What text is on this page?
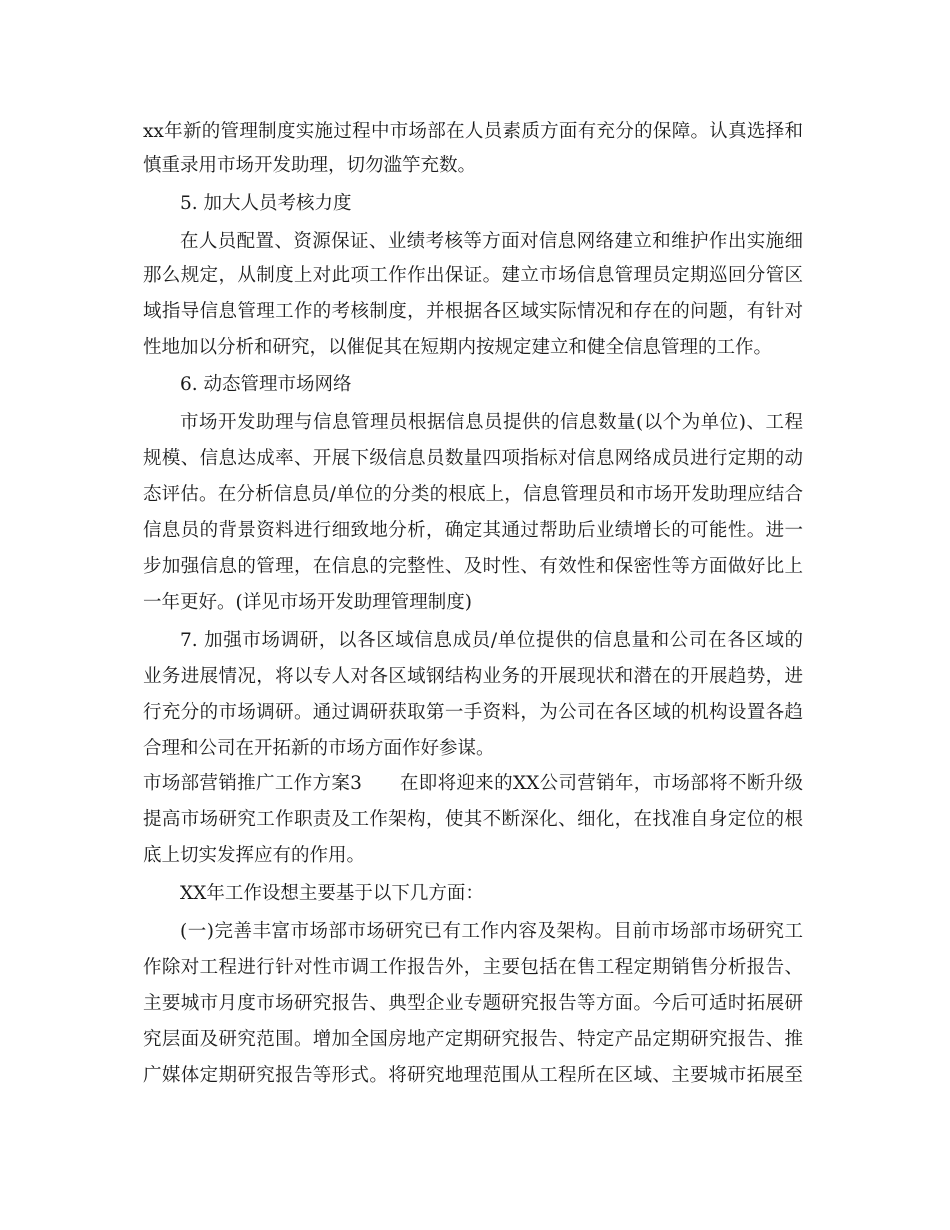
xx年新的管理制度实施过程中市场部在人员素质方面有充分的保障。认真选择和
慎重录用市场开发助理，切勿滥竽充数。
5. 加大人员考核力度
在人员配置、资源保证、业绩考核等方面对信息网络建立和维护作出实施细
那么规定，从制度上对此项工作作出保证。建立市场信息管理员定期巡回分管区
域指导信息管理工作的考核制度，并根据各区域实际情况和存在的问题，有针对
性地加以分析和研究，以催促其在短期内按规定建立和健全信息管理的工作。
6. 动态管理市场网络
市场开发助理与信息管理员根据信息员提供的信息数量(以个为单位)、工程
规模、信息达成率、开展下级信息员数量四项指标对信息网络成员进行定期的动
态评估。在分析信息员/单位的分类的根底上，信息管理员和市场开发助理应结合
信息员的背景资料进行细致地分析，确定其通过帮助后业绩增长的可能性。进一
步加强信息的管理，在信息的完整性、及时性、有效性和保密性等方面做好比上
一年更好。(详见市场开发助理管理制度)
7. 加强市场调研，以各区域信息成员/单位提供的信息量和公司在各区域的
业务进展情况，将以专人对各区域钢结构业务的开展现状和潜在的开展趋势，进
行充分的市场调研。通过调研获取第一手资料，为公司在各区域的机构设置各趋
合理和公司在开拓新的市场方面作好参谋。
市场部营销推广工作方案3　　在即将迎来的XX公司营销年，市场部将不断升级
提高市场研究工作职责及工作架构，使其不断深化、细化，在找准自身定位的根
底上切实发挥应有的作用。
XX年工作设想主要基于以下几方面：
(一)完善丰富市场部市场研究已有工作内容及架构。目前市场部市场研究工
作除对工程进行针对性市调工作报告外，主要包括在售工程定期销售分析报告、
主要城市月度市场研究报告、典型企业专题研究报告等方面。今后可适时拓展研
究层面及研究范围。增加全国房地产定期研究报告、特定产品定期研究报告、推
广媒体定期研究报告等形式。将研究地理范围从工程所在区域、主要城市拓展至
